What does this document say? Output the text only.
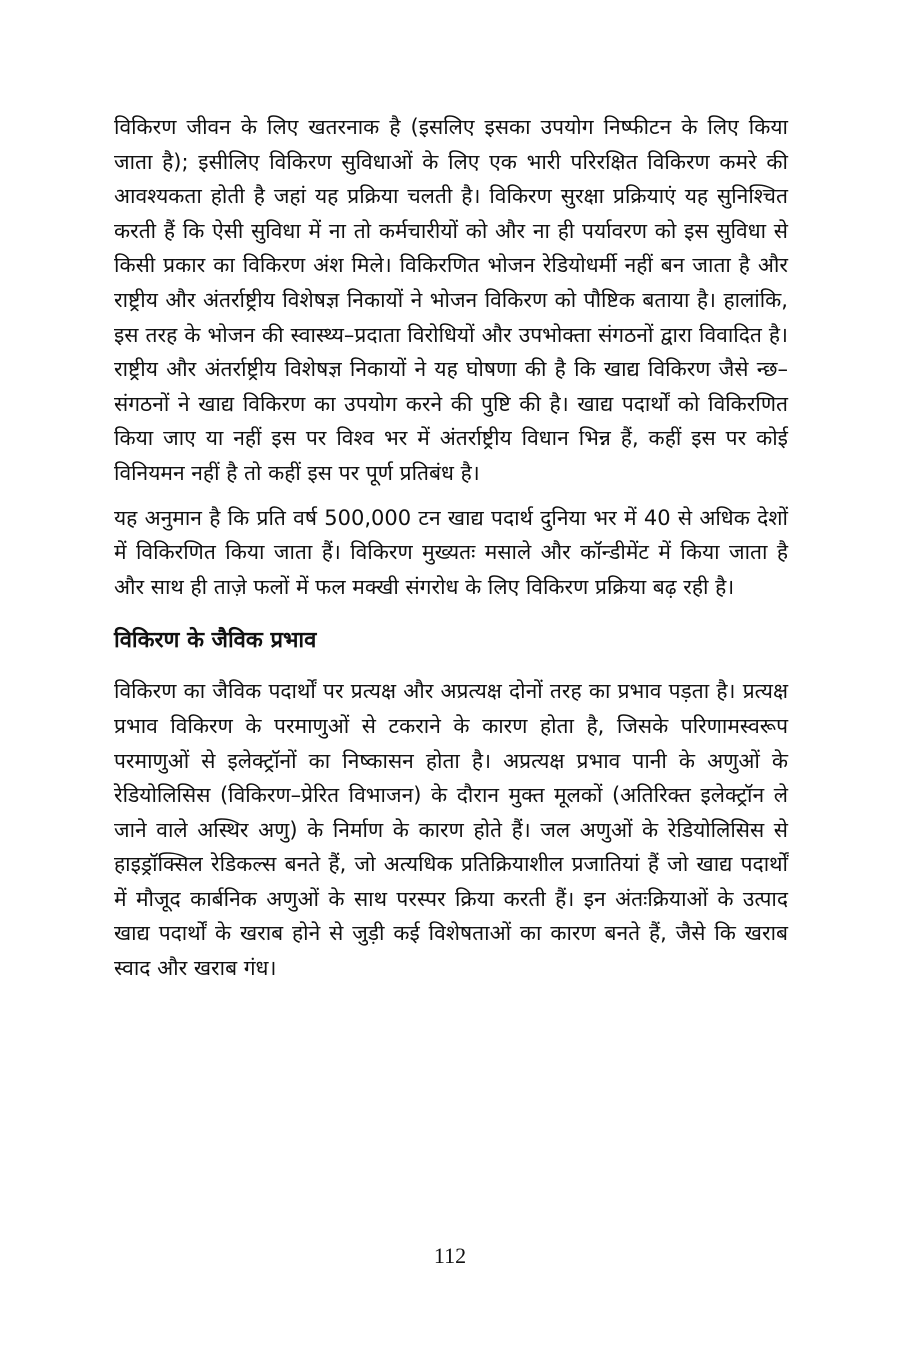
विकिरण जीवन के लिए खतरनाक है (इसलिए इसका उपयोग निष्फीटन के लिए किया जाता है); इसीलिए विकिरण सुविधाओं के लिए एक भारी परिरक्षित विकिरण कमरे की आवश्यकता होती है जहां यह प्रक्रिया चलती है। विकिरण सुरक्षा प्रक्रियाएं यह सुनिश्चित करती हैं कि ऐसी सुविधा में ना तो कर्मचारीयों को और ना ही पर्यावरण को इस सुविधा से किसी प्रकार का विकिरण अंश मिले। विकिरणित भोजन रेडियोधर्मी नहीं बन जाता है और राष्ट्रीय और अंतर्राष्ट्रीय विशेषज्ञ निकायों ने भोजन विकिरण को पौष्टिक बताया है। हालांकि, इस तरह के भोजन की स्वास्थ्य–प्रदाता विरोधियों और उपभोक्ता संगठनों द्वारा विवादित है। राष्ट्रीय और अंतर्राष्ट्रीय विशेषज्ञ निकायों ने यह घोषणा की है कि खाद्य विकिरण जैसे न्छ–संगठनों ने खाद्य विकिरण का उपयोग करने की पुष्टि की है। खाद्य पदार्थों को विकिरणित किया जाए या नहीं इस पर विश्व भर में अंतर्राष्ट्रीय विधान भिन्न हैं, कहीं इस पर कोई विनियमन नहीं है तो कहीं इस पर पूर्ण प्रतिबंध है।

यह अनुमान है कि प्रति वर्ष 500,000 टन खाद्य पदार्थ दुनिया भर में 40 से अधिक देशों में विकिरणित किया जाता हैं। विकिरण मुख्यतः मसाले और कॉन्डीमेंट में किया जाता है और साथ ही ताज़े फलों में फल मक्खी संगरोध के लिए विकिरण प्रक्रिया बढ़ रही है।

विकिरण के जैविक प्रभाव

विकिरण का जैविक पदार्थों पर प्रत्यक्ष और अप्रत्यक्ष दोनों तरह का प्रभाव पड़ता है। प्रत्यक्ष प्रभाव विकिरण के परमाणुओं से टकराने के कारण होता है, जिसके परिणामस्वरूप परमाणुओं से इलेक्ट्रॉनों का निष्कासन होता है। अप्रत्यक्ष प्रभाव पानी के अणुओं के रेडियोलिसिस (विकिरण–प्रेरित विभाजन) के दौरान मुक्त मूलकों (अतिरिक्त इलेक्ट्रॉन ले जाने वाले अस्थिर अणु) के निर्माण के कारण होते हैं। जल अणुओं के रेडियोलिसिस से हाइड्रॉक्सिल रेडिकल्स बनते हैं, जो अत्यधिक प्रतिक्रियाशील प्रजातियां हैं जो खाद्य पदार्थों में मौजूद कार्बनिक अणुओं के साथ परस्पर क्रिया करती हैं। इन अंतःक्रियाओं के उत्पाद खाद्य पदार्थों के खराब होने से जुड़ी कई विशेषताओं का कारण बनते हैं, जैसे कि खराब स्वाद और खराब गंध।

112
